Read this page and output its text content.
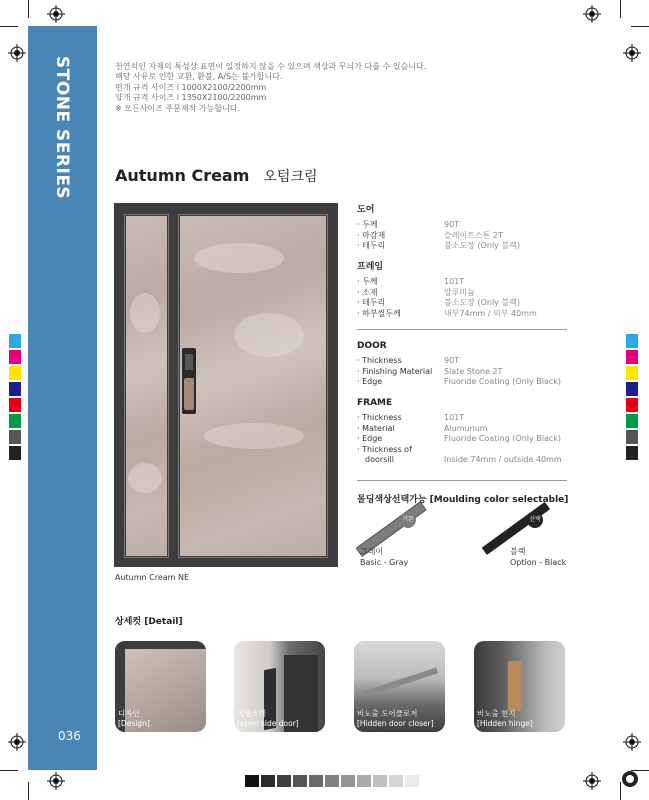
STONE SERIES
036
천연석인 자재의 특성상 표면이 일정하지 않을 수 있으며 색상과 무늬가 다를 수 있습니다.
해당 사유로 인한 교환, 환불, A/S는 불가합니다.
편개 규격 사이즈 l 1000X2100/2200mm
양개 규격 사이즈 l 1350X2100/2200mm
※ 모든사이즈 주문제작 가능합니다.
Autumn Cream 오텀크림
Autumn Cream NE
도어
· 두께	90T
· 마감재	슬레이트스톤 2T
· 테두리	불소도장 (Only 블랙)
프레임
· 두께	101T
· 소재	알루미늄
· 테두리	불소도장 (Only 블랙)
· 하부씰두께	내부74mm / 외부 40mm
DOOR
· Thickness	90T
· Finishing Material	Slate Stone 2T
· Edge	Fluoride Coating (Only Black)
FRAME
· Thickness	101T
· Material	Alumunum
· Edge	Fluoride Coating (Only Black)
· Thickness of
doorsill	Inside 74mm / outside 40mm
몰딩색상선택가능 [Moulding color selectable]
기본
그레이
Basic - Gray
선택
블랙
Option - Black
상세컷 [Detail]
디자인
[Design]
열림스테
[open side door]
비노출 도어클로저
[Hidden door closer]
비노출 힌지
[Hidden hinge]
